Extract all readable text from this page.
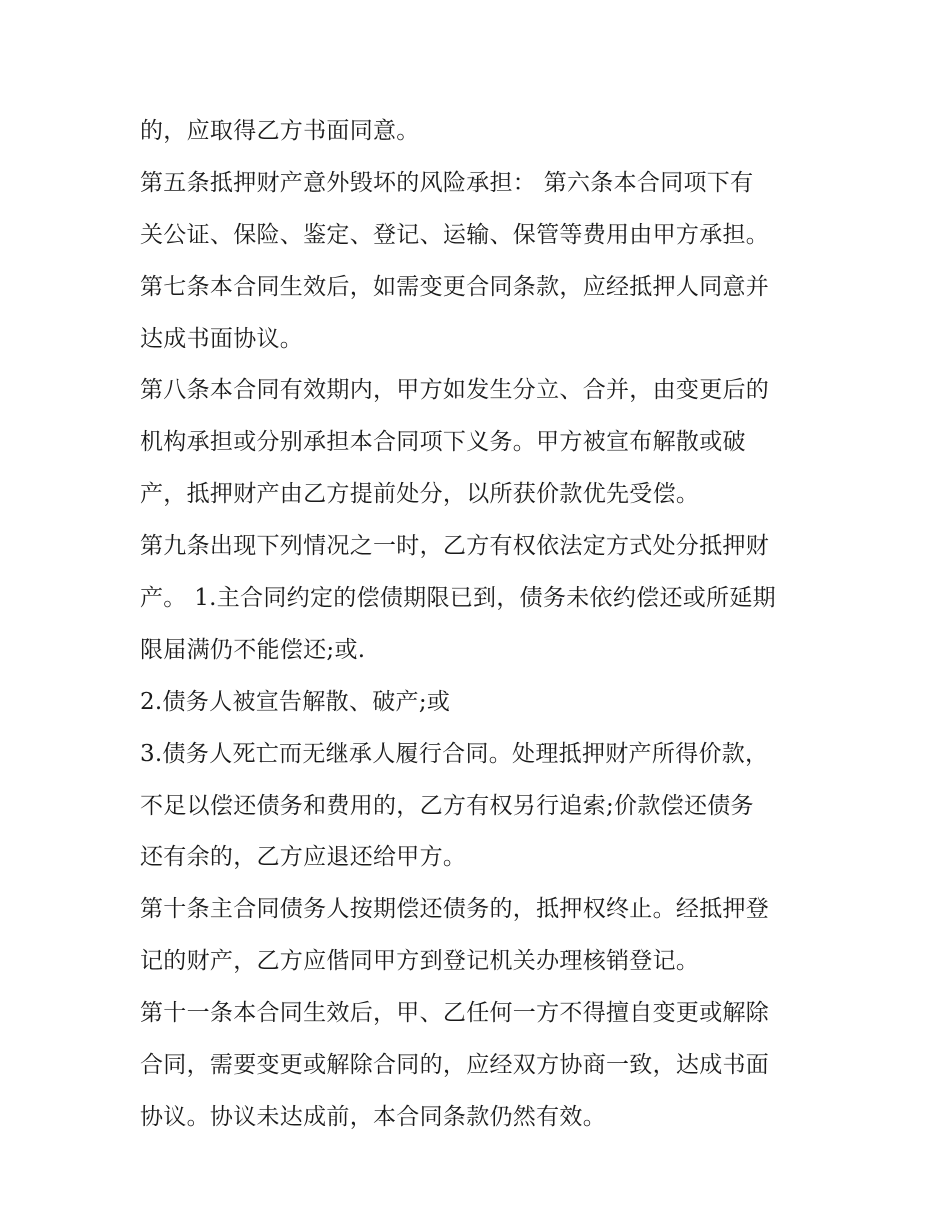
的，应取得乙方书面同意。
第五条抵押财产意外毁坏的风险承担： 第六条本合同项下有
关公证、保险、鉴定、登记、运输、保管等费用由甲方承担。
第七条本合同生效后，如需变更合同条款，应经抵押人同意并
达成书面协议。
第八条本合同有效期内，甲方如发生分立、合并，由变更后的
机构承担或分别承担本合同项下义务。甲方被宣布解散或破
产，抵押财产由乙方提前处分，以所获价款优先受偿。
第九条出现下列情况之一时，乙方有权依法定方式处分抵押财
产。 1.主合同约定的偿债期限已到，债务未依约偿还或所延期
限届满仍不能偿还;或.
2.债务人被宣告解散、破产;或
3.债务人死亡而无继承人履行合同。处理抵押财产所得价款，
不足以偿还债务和费用的，乙方有权另行追索;价款偿还债务
还有余的，乙方应退还给甲方。
第十条主合同债务人按期偿还债务的，抵押权终止。经抵押登
记的财产，乙方应偕同甲方到登记机关办理核销登记。
第十一条本合同生效后，甲、乙任何一方不得擅自变更或解除
合同，需要变更或解除合同的，应经双方协商一致，达成书面
协议。协议未达成前，本合同条款仍然有效。
